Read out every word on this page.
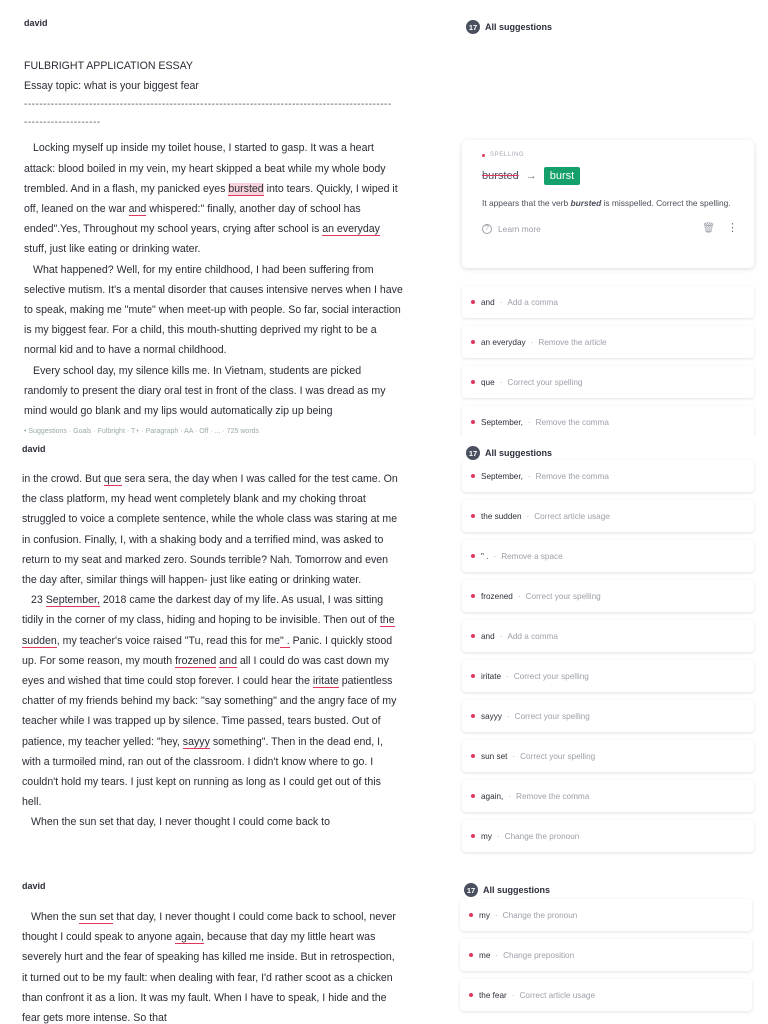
david
FULBRIGHT APPLICATION ESSAY
Essay topic: what is your biggest fear
------------------------------------------------------------------------------------------------
--------------------

Locking myself up inside my toilet house, I started to gasp. It was a heart attack: blood boiled in my vein, my heart skipped a beat while my whole body trembled. And in a flash, my panicked eyes bursted into tears. Quickly, I wiped it off, leaned on the war and whispered:" finally, another day of school has ended".Yes, Throughout my school years, crying after school is an everyday stuff, just like eating or drinking water.

What happened? Well, for my entire childhood, I had been suffering from selective mutism. It's a mental disorder that causes intensive nerves when I have to speak, making me "mute" when meet-up with people. So far, social interaction is my biggest fear. For a child, this mouth-shutting deprived my right to be a normal kid and to have a normal childhood.

Every school day, my silence kills me. In Vietnam, students are picked randomly to present the diary oral test in front of the class. I was dread as my mind would go blank and my lips would automatically zip up being

• Suggestions · Goals · Fulbright · T+ · Paragraph · AA · Off · ... · 725 words
17 All suggestions
SPELLING
bursted →	burst
It appears that the verb bursted is misspelled. Correct the spelling.
?	Learn more	🗑 ⋮
and · Add a comma
an everyday · Remove the article
que · Correct your spelling
September, · Remove the comma
david

in the crowd. But que sera sera, the day when I was called for the test came. On the class platform, my head went completely blank and my choking throat struggled to voice a complete sentence, while the whole class was staring at me in confusion. Finally, I, with a shaking body and a terrified mind, was asked to return to my seat and marked zero. Sounds terrible? Nah. Tomorrow and even the day after, similar things will happen- just like eating or drinking water.

23 September, 2018 came the darkest day of my life. As usual, I was sitting tidily in the corner of my class, hiding and hoping to be invisible. Then out of the sudden, my teacher's voice raised "Tu, read this for me" . Panic. I quickly stood up. For some reason, my mouth frozened and all I could do was cast down my eyes and wished that time could stop forever. I could hear the iritate patientless chatter of my friends behind my back: "say something" and the angry face of my teacher while I was trapped up by silence. Time passed, tears busted. Out of patience, my teacher yelled: "hey, sayyy something". Then in the dead end, I, with a turmoiled mind, ran out of the classroom. I didn't know where to go. I couldn't hold my tears. I just kept on running as long as I could get out of this hell.

When the sun set that day, I never thought I could come back to

17 All suggestions
September, · Remove the comma
the sudden · Correct article usage
" . · Remove a space
frozened · Correct your spelling
and · Add a comma
iritate · Correct your spelling
sayyy · Correct your spelling
sun set · Correct your spelling
again, · Remove the comma
my · Change the pronoun
david

When the sun set that day, I never thought I could come back to school, never thought I could speak to anyone again, because that day my little heart was severely hurt and the fear of speaking has killed me inside. But in retrospection, it turned out to be my fault: when dealing with fear, I'd rather scoot as a chicken than confront it as a lion. It was my fault. When I have to speak, I hide and the fear gets more intense. So that

17 All suggestions
my · Change the pronoun
me · Change preposition
the fear · Correct article usage
